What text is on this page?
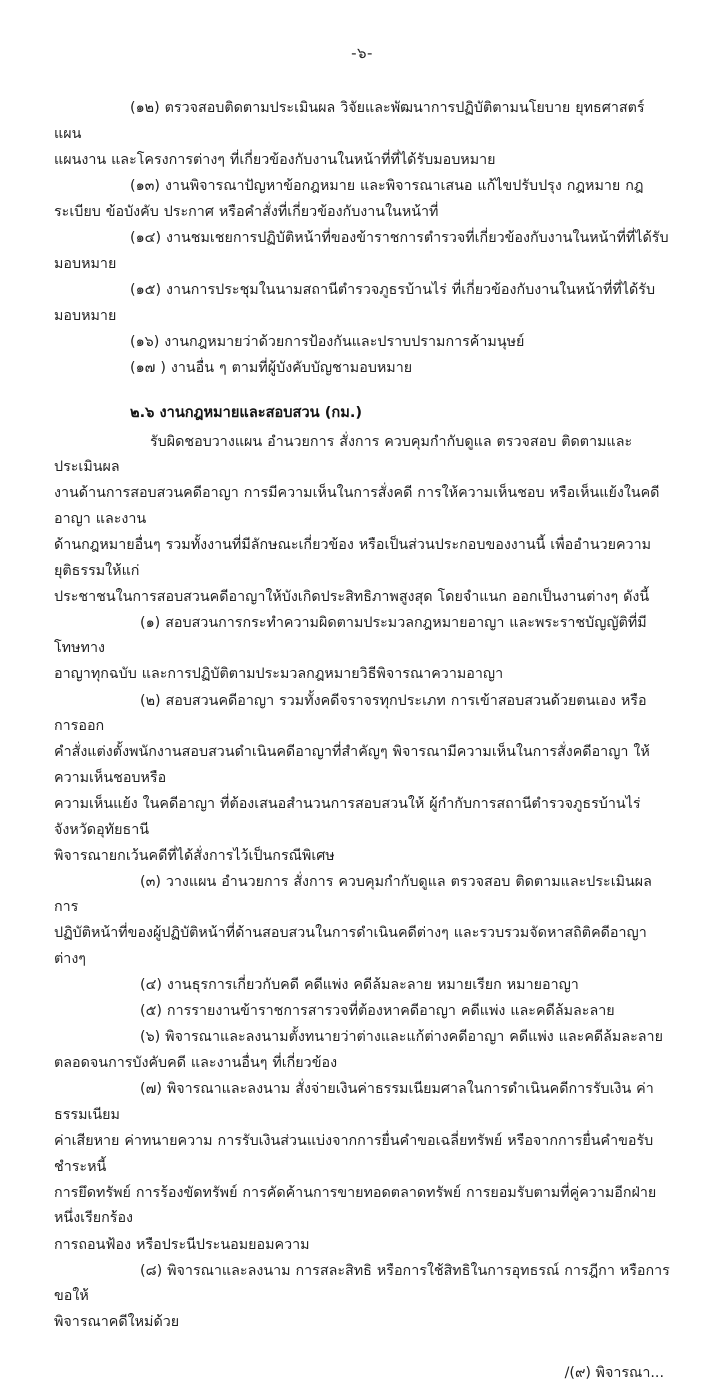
-๖-

(๑๒) ตรวจสอบติดตามประเมินผล วิจัยและพัฒนาการปฏิบัติตามนโยบาย ยุทธศาสตร์ แผน

แผนงาน และโครงการต่างๆ ที่เกี่ยวข้องกับงานในหน้าที่ที่ได้รับมอบหมาย

(๑๓) งานพิจารณาปัญหาข้อกฎหมาย และพิจารณาเสนอ แก้ไขปรับปรุง กฎหมาย กฎ

ระเบียบ ข้อบังคับ ประกาศ หรือคำสั่งที่เกี่ยวข้องกับงานในหน้าที่

(๑๔) งานชมเชยการปฏิบัติหน้าที่ของข้าราชการตำรวจที่เกี่ยวข้องกับงานในหน้าที่ที่ได้รับ

มอบหมาย

(๑๕) งานการประชุมในนามสถานีตำรวจภูธรบ้านไร่ ที่เกี่ยวข้องกับงานในหน้าที่ที่ได้รับ

มอบหมาย

(๑๖) งานกฎหมายว่าด้วยการป้องกันและปราบปรามการค้ามนุษย์

(๑๗ ) งานอื่น ๆ ตามที่ผู้บังคับบัญชามอบหมาย

๒.๖ งานกฎหมายและสอบสวน (กม.)

รับผิดชอบวางแผน อำนวยการ สั่งการ ควบคุมกำกับดูแล ตรวจสอบ ติดตามและประเมินผล

งานด้านการสอบสวนคดีอาญา การมีความเห็นในการสั่งคดี การให้ความเห็นชอบ หรือเห็นแย้งในคดีอาญา และงาน

ด้านกฎหมายอื่นๆ รวมทั้งงานที่มีลักษณะเกี่ยวข้อง หรือเป็นส่วนประกอบของงานนี้ เพื่ออำนวยความยุติธรรมให้แก่

ประชาชนในการสอบสวนคดีอาญาให้บังเกิดประสิทธิภาพสูงสุด โดยจำแนก ออกเป็นงานต่างๆ ดังนี้

(๑) สอบสวนการกระทำความผิดตามประมวลกฎหมายอาญา และพระราชบัญญัติที่มีโทษทาง

อาญาทุกฉบับ และการปฏิบัติตามประมวลกฎหมายวิธีพิจารณาความอาญา

(๒) สอบสวนคดีอาญา รวมทั้งคดีจราจรทุกประเภท การเข้าสอบสวนด้วยตนเอง หรือการออก

คำสั่งแต่งตั้งพนักงานสอบสวนดำเนินคดีอาญาที่สำคัญๆ พิจารณามีความเห็นในการสั่งคดีอาญา ให้ความเห็นชอบหรือ

ความเห็นแย้ง ในคดีอาญา ที่ต้องเสนอสำนวนการสอบสวนให้ ผู้กำกับการสถานีตำรวจภูธรบ้านไร่ จังหวัดอุทัยธานี

พิจารณายกเว้นคดีที่ได้สั่งการไว้เป็นกรณีพิเศษ

(๓) วางแผน อำนวยการ สั่งการ ควบคุมกำกับดูแล ตรวจสอบ ติดตามและประเมินผลการ

ปฏิบัติหน้าที่ของผู้ปฏิบัติหน้าที่ด้านสอบสวนในการดำเนินคดีต่างๆ และรวบรวมจัดหาสถิติคดีอาญาต่างๆ

(๔) งานธุรการเกี่ยวกับคดี คดีแพ่ง คดีล้มละลาย หมายเรียก หมายอาญา

(๕) การรายงานข้าราชการสารวจที่ต้องหาคดีอาญา คดีแพ่ง และคดีล้มละลาย

(๖) พิจารณาและลงนามตั้งทนายว่าต่างและแก้ต่างคดีอาญา คดีแพ่ง และคดีล้มละลาย

ตลอดจนการบังคับคดี และงานอื่นๆ ที่เกี่ยวข้อง

(๗) พิจารณาและลงนาม สั่งจ่ายเงินค่าธรรมเนียมศาลในการดำเนินคดีการรับเงิน ค่าธรรมเนียม

ค่าเสียหาย ค่าทนายความ การรับเงินส่วนแบ่งจากการยื่นคำขอเฉลี่ยทรัพย์ หรือจากการยื่นคำขอรับชำระหนี้

การยึดทรัพย์ การร้องขัดทรัพย์ การคัดค้านการขายทอดตลาดทรัพย์ การยอมรับตามที่คู่ความอีกฝ่ายหนึ่งเรียกร้อง

การถอนฟ้อง หรือประนีประนอมยอมความ

(๘) พิจารณาและลงนาม การสละสิทธิ หรือการใช้สิทธิในการอุทธรณ์ การฎีกา หรือการขอให้

พิจารณาคดีใหม่ด้วย

/(๙) พิจารณา...
